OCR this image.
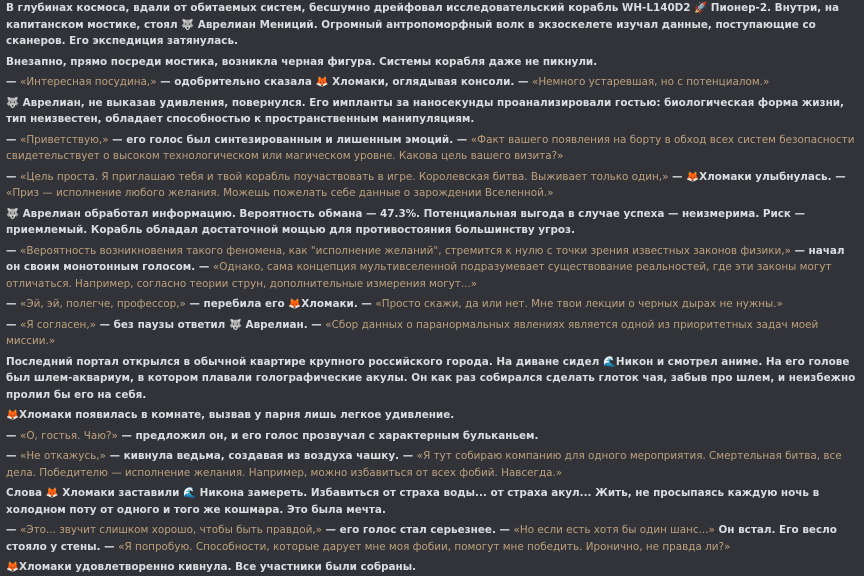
В глубинах космоса, вдали от обитаемых систем, бесшумно дрейфовал исследовательский корабль WH-L140D2 🚀 Пионер-2. Внутри, на капитанском мостике, стоял 🐺 Аврелиан Мениций. Огромный антропоморфный волк в экзоскелете изучал данные, поступающие со сканеров. Его экспедиция затянулась.

Внезапно, прямо посреди мостика, возникла черная фигура. Системы корабля даже не пикнули.

— «Интересная посудина,» — одобрительно сказала 🦊 Хломаки, оглядывая консоли. — «Немного устаревшая, но с потенциалом.»

🐺 Аврелиан, не выказав удивления, повернулся. Его импланты за наносекунды проанализировали гостью: биологическая форма жизни, тип неизвестен, обладает способностью к пространственным манипуляциям.

— «Приветствую,» — его голос был синтезированным и лишенным эмоций. — «Факт вашего появления на борту в обход всех систем безопасности свидетельствует о высоком технологическом или магическом уровне. Какова цель вашего визита?»

— «Цель проста. Я приглашаю тебя и твой корабль поучаствовать в игре. Королевская битва. Выживает только один,» — 🦊Хломаки улыбнулась. — «Приз — исполнение любого желания. Можешь пожелать себе данные о зарождении Вселенной.»

🐺 Аврелиан обработал информацию. Вероятность обмана — 47.3%. Потенциальная выгода в случае успеха — неизмерима. Риск — приемлемый. Корабль обладал достаточной мощью для противостояния большинству угроз.

— «Вероятность возникновения такого феномена, как "исполнение желаний", стремится к нулю с точки зрения известных законов физики,» — начал он своим монотонным голосом. — «Однако, сама концепция мультивселенной подразумевает существование реальностей, где эти законы могут отличаться. Например, согласно теории струн, дополнительные измерения могут...»

— «Эй, эй, полегче, профессор,» — перебила его 🦊Хломаки. — «Просто скажи, да или нет. Мне твои лекции о черных дырах не нужны.»

— «Я согласен,» — без паузы ответил 🐺 Аврелиан. — «Сбор данных о паранормальных явлениях является одной из приоритетных задач моей миссии.»

Последний портал открылся в обычной квартире крупного российского города. На диване сидел 🌊Никон и смотрел аниме. На его голове был шлем-аквариум, в котором плавали голографические акулы. Он как раз собирался сделать глоток чая, забыв про шлем, и неизбежно пролил бы его на себя.

🦊Хломаки появилась в комнате, вызвав у парня лишь легкое удивление.

— «О, гостья. Чаю?» — предложил он, и его голос прозвучал с характерным бульканьем.

— «Не откажусь,» — кивнула ведьма, создавая из воздуха чашку. — «Я тут собираю компанию для одного мероприятия. Смертельная битва, все дела. Победителю — исполнение желания. Например, можно избавиться от всех фобий. Навсегда.»

Слова 🦊 Хломаки заставили 🌊 Никона замереть. Избавиться от страха воды... от страха акул... Жить, не просыпаясь каждую ночь в холодном поту от одного и того же кошмара. Это была мечта.

— «Это... звучит слишком хорошо, чтобы быть правдой,» — его голос стал серьезнее. — «Но если есть хотя бы один шанс...» Он встал. Его весло стояло у стены. — «Я попробую. Способности, которые дарует мне моя фобии, помогут мне победить. Иронично, не правда ли?»

🦊Хломаки удовлетворенно кивнула. Все участники были собраны.
